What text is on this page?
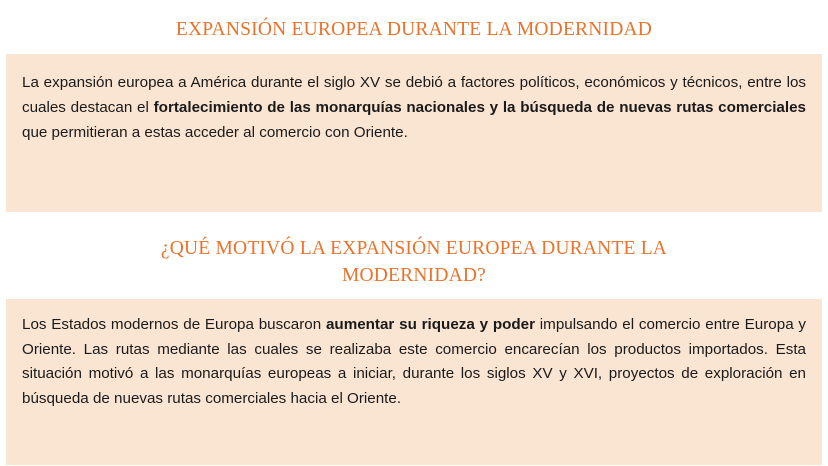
EXPANSIÓN EUROPEA DURANTE LA MODERNIDAD

La expansión europea a América durante el siglo XV se debió a factores políticos, económicos y técnicos, entre los cuales destacan el fortalecimiento de las monarquías nacionales y la búsqueda de nuevas rutas comerciales que permitieran a estas acceder al comercio con Oriente.

¿QUÉ MOTIVÓ LA EXPANSIÓN EUROPEA DURANTE LA MODERNIDAD?

Los Estados modernos de Europa buscaron aumentar su riqueza y poder impulsando el comercio entre Europa y Oriente. Las rutas mediante las cuales se realizaba este comercio encarecían los productos importados. Esta situación motivó a las monarquías europeas a iniciar, durante los siglos XV y XVI, proyectos de exploración en búsqueda de nuevas rutas comerciales hacia el Oriente.
